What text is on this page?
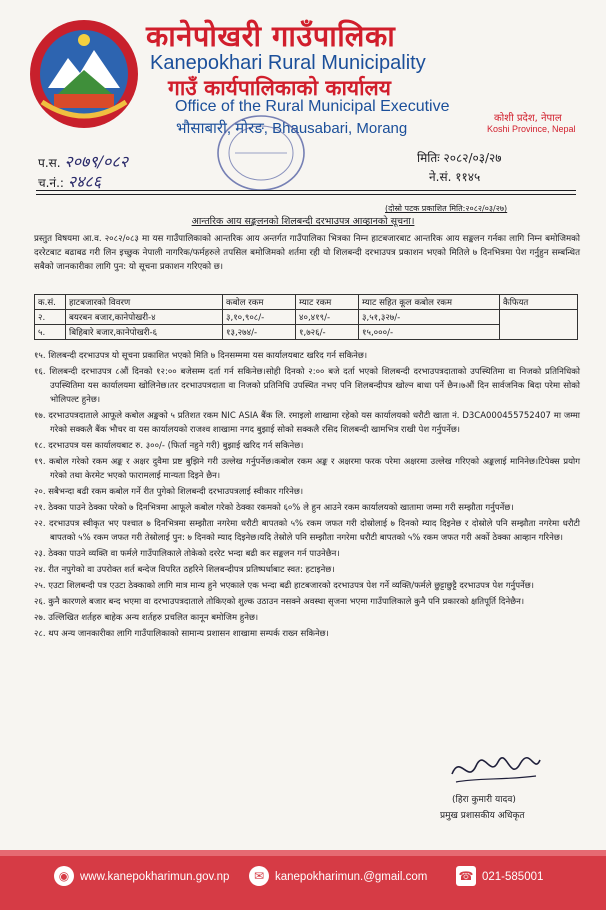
कानेपोखरी गाउँपालिका
Kanepokhari Rural Municipality
गाउँ कार्यपालिकाको कार्यालय
Office of the Rural Municipal Executive
भौसाबारी, मोरङ, Bhausabari, Morang
कोशी प्रदेश, नेपाल
Koshi Province, Nepal
प.स. २०७९/०८२
च.नं.: २४८६
मितिः २०८२/०३/२७
ने.सं. ११४५
(दोस्रो पटक प्रकाशित मिति:२०८२/०३/२७)
आन्तरिक आय सङ्कलनको शिलबन्दी दरभाउपत्र आव्हानको सूचना।
प्रस्तुत विषयमा आ.व. २०८२/०८३ मा यस गाउँपालिकाको आन्तरिक आय अन्तर्गत गाउँपालिका भित्रका निम्न हाटबजारबाट आन्तरिक आय सङ्कलन गर्नका लागि निम्न बमोजिमको दररेटबाट बढाबढ गरी लिन इच्छुक नेपाली नागरिक/फर्महरुले तपसिल बमोजिमको शर्तमा रही यो शिलबन्दी दरभाउपत्र प्रकाशन भएको मितिले ७ दिनभित्रमा पेश गर्नुहुन सम्बन्धित सबैको जानकारीका लागि पुन: यो सूचना प्रकाशन गरिएको छ।
क.सं.	हाटबजारको विवरण	कबोल रकम	म्याट रकम	म्याट सहित कूल कबोल रकम	कैफियत
२.	बयरबन बजार,कानेपोखरी-४	३,१०,९०८/-	४०,४१९/-	३,५१,३२७/-	
५.	बिहिबारे बजार,कानेपोखरी-६	१३,२७४/-	१,७२६/-	१५,०००/-	

१५. शिलबन्दी दरभाउपत्र यो सूचना प्रकाशित भएको मिति ७ दिनसम्ममा यस कार्यालयबाट खरिद गर्न सकिनेछ।

१६. शिलबन्दी दरभाउपत्र ८औं दिनको १२:०० बजेसम्म दर्ता गर्न सकिनेछ।सोही दिनको २:०० बजे दर्ता भएको शिलबन्दी दरभाउपत्रदाताको उपस्थितिमा वा निजको प्रतिनिधिको उपस्थितिमा यस कार्यालयमा खोलिनेछ।तर दरभाउपत्रदाता वा निजको प्रतिनिधि उपस्थित नभए पनि शिलबन्दीपत्र खोल्न बाधा पर्ने छैन।७औं दिन सार्वजनिक बिदा परेमा सोको भोलिपल्ट हुनेछ।

१७. दरभाउपत्रदाताले आफूले कबोल अङ्कको ५ प्रतिशत रकम NIC ASIA बैंक लि. रमाइलो शाखामा रहेको यस कार्यालयको धरौटी खाता नं. D3CA000455752407 मा जम्मा गरेको सक्कलै बैंक भौचर वा यस कार्यालयको राजश्व शाखामा नगद बुझाई सोको सक्कलै रसिद शिलबन्दी खामभित्र राखी पेश गर्नुपर्नेछ।

१८. दरभाउपत्र यस कार्यालयबाट रु. ३००/- (फिर्ता नहुने गरी) बुझाई खरिद गर्न सकिनेछ।

१९. कबोल गरेको रकम अङ्क र अक्षर दुवैमा प्रष्ट बुझिने गरी उल्लेख गर्नुपर्नेछ।कबोल रकम अङ्क र अक्षरमा फरक परेमा अक्षरमा उल्लेख गरिएको अङ्कलाई मानिनेछ।टिपेक्स प्रयोग गरेको तथा केरमेट भएको फारामलाई मान्यता दिइने छैन।

२०. सबैभन्दा बढी रकम कबोल गर्ने रीत पुगेको शिलबन्दी दरभाउपत्रलाई स्वीकार गरिनेछ।

२१. ठेक्का पाउने ठेक्का परेको ७ दिनभित्रमा आफूले कबोल गरेको ठेक्का रकमको ६०% ले हुन आउने रकम कार्यालयको खातामा जम्मा गरी सम्झौता गर्नुपर्नेछ।

२२. दरभाउपत्र स्वीकृत भए पश्चात ७ दिनभित्रमा सम्झौता नगरेमा धरौटी बापतको ५% रकम जफत गरी दोस्रोलाई ७ दिनको म्याद दिइनेछ र दोस्रोले पनि सम्झौता नगरेमा धरौटी बापतको ५% रकम जफत गरी तेस्रोलाई पुन: ७ दिनको म्याद दिइनेछ।यदि तेस्रोले पनि सम्झौता नगरेमा धरौटी बापतको ५% रकम जफत गरी अर्को ठेक्का आव्हान गरिनेछ।

२३. ठेक्का पाउने व्यक्ति वा फर्मले गाउँपालिकाले तोकेको दररेट भन्दा बढी कर सङ्कलन गर्न पाउनेछैन।

२४. रीत नपुगेको वा उपरोक्त शर्त बन्देज विपरित ठहरिने शिलबन्दीपत्र प्रतिष्पर्धाबाट स्वत: हटाइनेछ।

२५. एउटा शिलबन्दी पत्र एउटा ठेक्काको लागि मात्र मान्य हुने भएकाले एक भन्दा बढी हाटबजारको दरभाउपत्र पेश गर्ने व्यक्ति/फर्मले छुट्टाछुट्टै दरभाउपत्र पेश गर्नुपर्नेछ।

२६. कुनै कारणले बजार बन्द भएमा वा दरभाउपत्रदाताले तोकिएको शुल्क उठाउन नसक्ने अवस्था सृजना भएमा गाउँपालिकाले कुनै पनि प्रकारको क्षतिपूर्ति दिनेछैन।

२७. उल्लिखित शर्तहरु बाहेक अन्य शर्तहरु प्रचलित कानून बमोजिम हुनेछ।

२८. थप अन्य जानकारीका लागि गाउँपालिकाको सामान्य प्रशासन शाखामा सम्पर्क राख्न सकिनेछ।

(हिरा कुमारी यादव)
प्रमुख प्रशासकीय अधिकृत
◉ www.kanepokharimun.gov.np	✉ kanepokharimun.@gmail.com	☎ 021-585001
